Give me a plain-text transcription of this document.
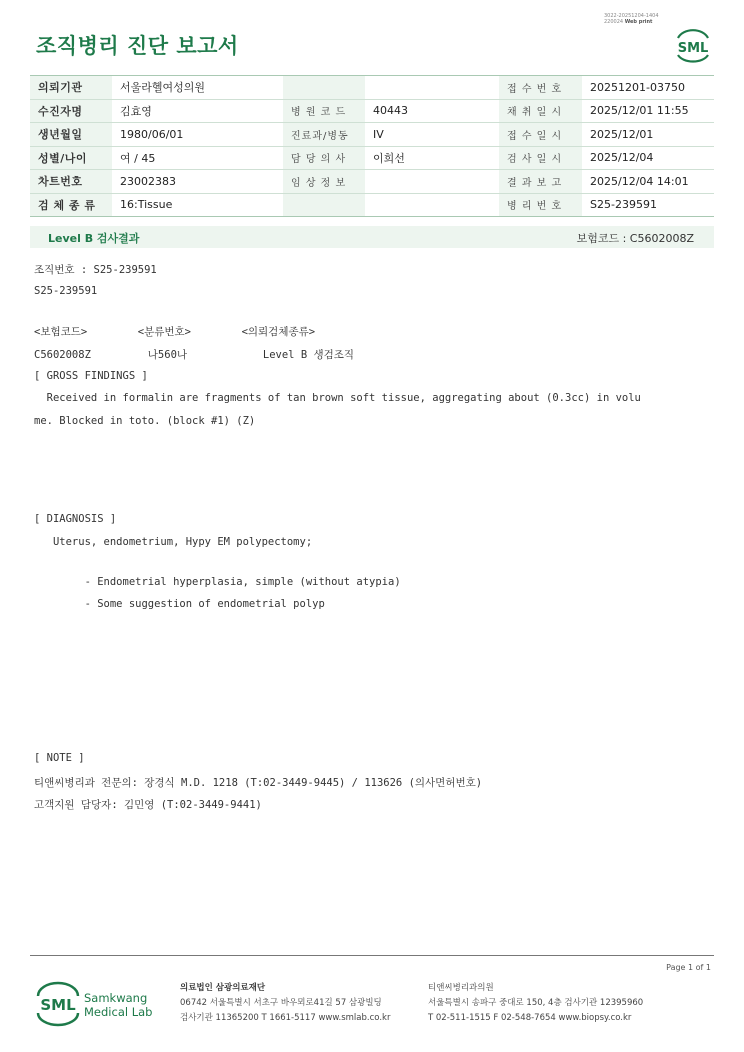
조직병리 진단 보고서
3022-20251204-1404
220024 Web print
SML
의뢰기관	서울라헬여성의원			접 수 번 호	20251201-03750
수진자명	김효영	병 원 코 드	40443	채 취 일 시	2025/12/01 11:55
생년월일	1980/06/01	진료과/병동	IV	접 수 일 시	2025/12/01
성별/나이	여 / 45	담 당 의 사	이희선	검 사 일 시	2025/12/04
차트번호	23002383	임 상 정 보		결 과 보 고	2025/12/04 14:01
검 체 종 류	16:Tissue			병 리 번 호	S25-239591
Level B 검사결과	보험코드 : C5602008Z
조직번호 : S25-239591
S25-239591
<보험코드>        <분류번호>        <의뢰검체종류>
C5602008Z         나560나            Level B 생검조직
[ GROSS FINDINGS ]
Received in formalin are fragments of tan brown soft tissue, aggregating about (0.3cc) in volu
me. Blocked in toto. (block #1) (Z)
[ DIAGNOSIS ]
Uterus, endometrium, Hypy EM polypectomy;
- Endometrial hyperplasia, simple (without atypia)
- Some suggestion of endometrial polyp
[ NOTE ]
티앤씨병리과 전문의: 장경식 M.D. 1218 (T:02-3449-9445) / 113626 (의사면허번호)
고객지원 담당자: 김민영 (T:02-3449-9441)
Page 1 of 1
SML Samkwang
Medical Lab
의료법인 삼광의료재단
06742 서울특별시 서초구 바우뫼로41길 57 삼광빌딩
검사기관 11365200 T 1661-5117 www.smlab.co.kr
티앤씨병리과의원
서울특별시 송파구 중대로 150, 4층 검사기관 12395960
T 02-511-1515 F 02-548-7654 www.biopsy.co.kr
